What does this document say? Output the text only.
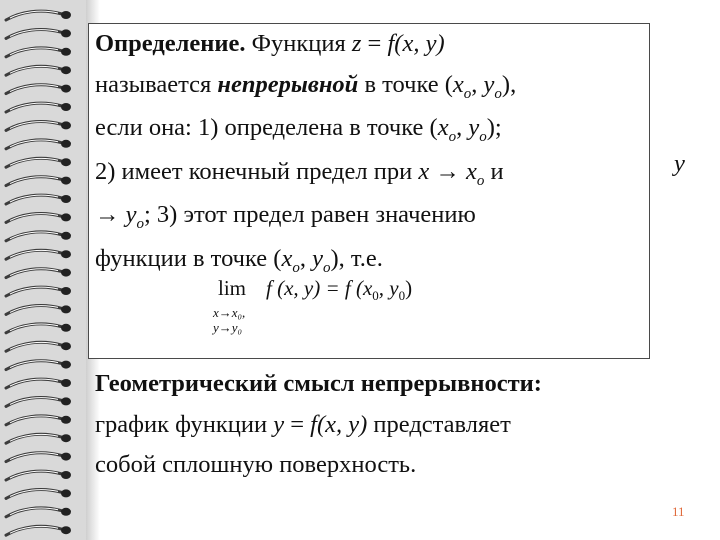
Определение. Функция z = f(x, y)
называется непрерывной в точке ($x_o$, $y_o$),
если она: 1) определена в точке ($x_o$, $y_o$);
2) имеет конечный предел при $x \to x_o$ и
→ $y_o$; 3) этот предел равен значению
функции в точке ($x_o$, $y_o$), т.е.
y
lim
x→x₀,
y→y₀
f (x, y) = f ($x_0$, $y_0$)
Геометрический смысл непрерывности:
график функции y = f(x, y) представляет
собой сплошную поверхность.
11
